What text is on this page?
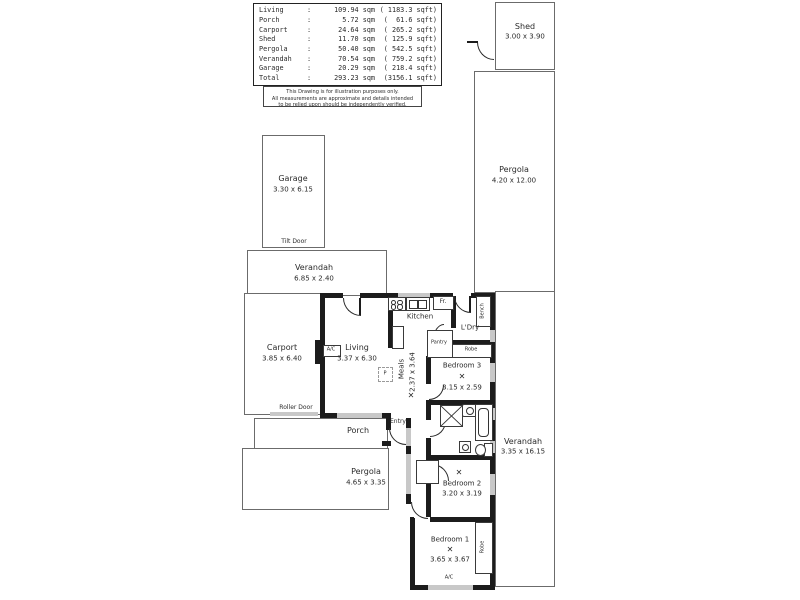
Living	:	109.94 sqm ( 1183.3 sqft)
Porch	:	5.72 sqm	(  61.6 sqft)
Carport	:	24.64 sqm	( 265.2 sqft)
Shed	:	11.70 sqm	( 125.9 sqft)
Pergola	:	50.40 sqm	( 542.5 sqft)
Verandah	:	70.54 sqm	( 759.2 sqft)
Garage	:	20.29 sqm	( 218.4 sqft)
Total	:	293.23 sqm	(3156.1 sqft)
This Drawing is for illustration purposes only.
All measurements are approximate and details intended
to be relied upon should be independently verified.
A/C
Fr.
Bench
Pantry
Robe
Robe
A/C
P
Shed
3.00 x 3.90
Pergola
4.20 x 12.00
Garage
3.30 x 6.15
Tilt Door
Verandah
6.85 x 2.40
Carport
3.85 x 6.40
Roller Door
Living
3.37 x 6.30
Kitchen
L'Dry
Meals 2.37 x 3.64
✕
Bedroom 3
✕
3.15 x 2.59
Porch
Entry
Pergola
4.65 x 3.35
Verandah
3.35 x 16.15
✕
Bedroom 2
3.20 x 3.19
Bedroom 1
✕
3.65 x 3.67
